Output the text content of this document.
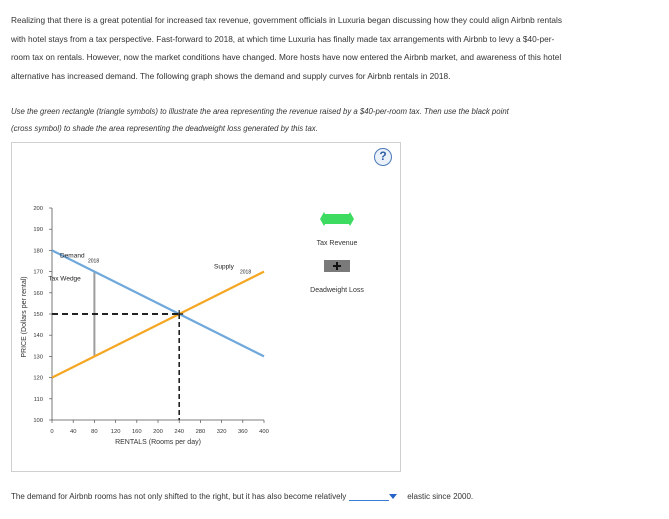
Realizing that there is a great potential for increased tax revenue, government officials in Luxuria began discussing how they could align Airbnb rentals
with hotel stays from a tax perspective. Fast-forward to 2018, at which time Luxuria has finally made tax arrangements with Airbnb to levy a $40-per-
room tax on rentals. However, now the market conditions have changed. More hosts have now entered the Airbnb market, and awareness of this hotel
alternative has increased demand. The following graph shows the demand and supply curves for Airbnb rentals in 2018.
Use the green rectangle (triangle symbols) to illustrate the area representing the revenue raised by a $40-per-room tax. Then use the black point
(cross symbol) to shade the area representing the deadweight loss generated by this tax.
?
100
110
120
130
140
150
160
170
180
190
200
0	40	80 120 160 200 240 280 320 360 400
Tax Wedge
Demand
2018
Supply
2018
RENTALS (Rooms per day)
PRICE (Dollars per rental)
Tax Revenue
Deadweight Loss
The demand for Airbnb rooms has not only shifted to the right, but it has also become relatively	elastic since 2000.
